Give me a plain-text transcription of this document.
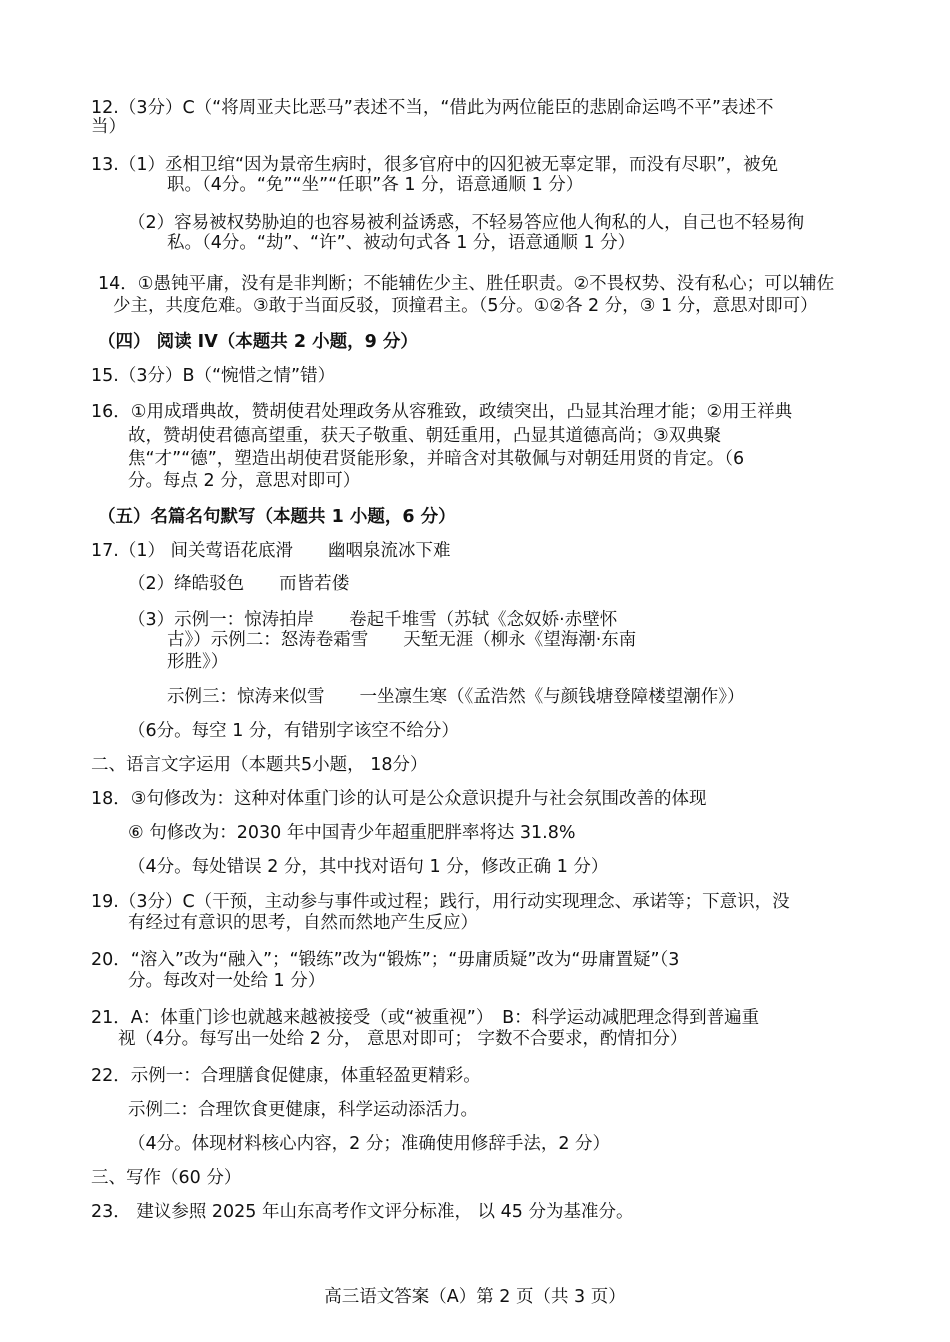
12.（3分）C（“将周亚夫比恶马”表述不当，“借此为两位能臣的悲剧命运鸣不平”表述不
当）
13.（1）丞相卫绾“因为景帝生病时，很多官府中的囚犯被无辜定罪，而没有尽职”，被免
职。（4分。“免”“坐”“任职”各 1 分，语意通顺 1 分）
（2）容易被权势胁迫的也容易被利益诱惑，不轻易答应他人徇私的人，自己也不轻易徇
私。（4分。“劫”、“许”、被动句式各 1 分，语意通顺 1 分）
14．①愚钝平庸，没有是非判断；不能辅佐少主、胜任职责。②不畏权势、没有私心；可以辅佐
少主，共度危难。③敢于当面反驳，顶撞君主。（5分。①②各 2 分，③ 1 分，意思对即可）
（四） 阅读 IV（本题共 2 小题，9 分）
15.（3分）B（“惋惜之情”错）
16．①用成瑨典故，赞胡使君处理政务从容雅致，政绩突出，凸显其治理才能；②用王祥典
故，赞胡使君德高望重，获天子敬重、朝廷重用，凸显其道德高尚；③双典聚
焦“才”“德”，塑造出胡使君贤能形象，并暗含对其敬佩与对朝廷用贤的肯定。（6
分。每点 2 分，意思对即可）
（五）名篇名句默写（本题共 1 小题，6 分）
17.（1） 间关莺语花底滑　　幽咽泉流冰下难
（2）绛皓驳色　　而皆若偻
（3）示例一：惊涛拍岸　　卷起千堆雪（苏轼《念奴娇·赤壁怀
古》）示例二：怒涛卷霜雪　　天堑无涯（柳永《望海潮·东南
形胜》）
示例三：惊涛来似雪　　一坐凛生寒（《孟浩然《与颜钱塘登障楼望潮作》）
（6分。每空 1 分，有错别字该空不给分）
二、语言文字运用（本题共5小题， 18分）
18．③句修改为：这种对体重门诊的认可是公众意识提升与社会氛围改善的体现
⑥ 句修改为：2030 年中国青少年超重肥胖率将达 31.8%
（4分。每处错误 2 分，其中找对语句 1 分，修改正确 1 分）
19.（3分）C（干预，主动参与事件或过程；践行，用行动实现理念、承诺等；下意识，没
有经过有意识的思考，自然而然地产生反应）
20．“溶入”改为“融入”；“锻练”改为“锻炼”；“毋庸质疑”改为“毋庸置疑”（3
分。每改对一处给 1 分）
21．A：体重门诊也就越来越被接受（或“被重视”）　B：科学运动减肥理念得到普遍重
视（4分。每写出一处给 2 分， 意思对即可； 字数不合要求，酌情扣分）
22．示例一：合理膳食促健康，体重轻盈更精彩。
示例二：合理饮食更健康，科学运动添活力。
（4分。体现材料核心内容，2 分；准确使用修辞手法，2 分）
三、写作（60 分）
23． 建议参照 2025 年山东高考作文评分标准， 以 45 分为基准分。
高三语文答案（A）第 2 页（共 3 页）
